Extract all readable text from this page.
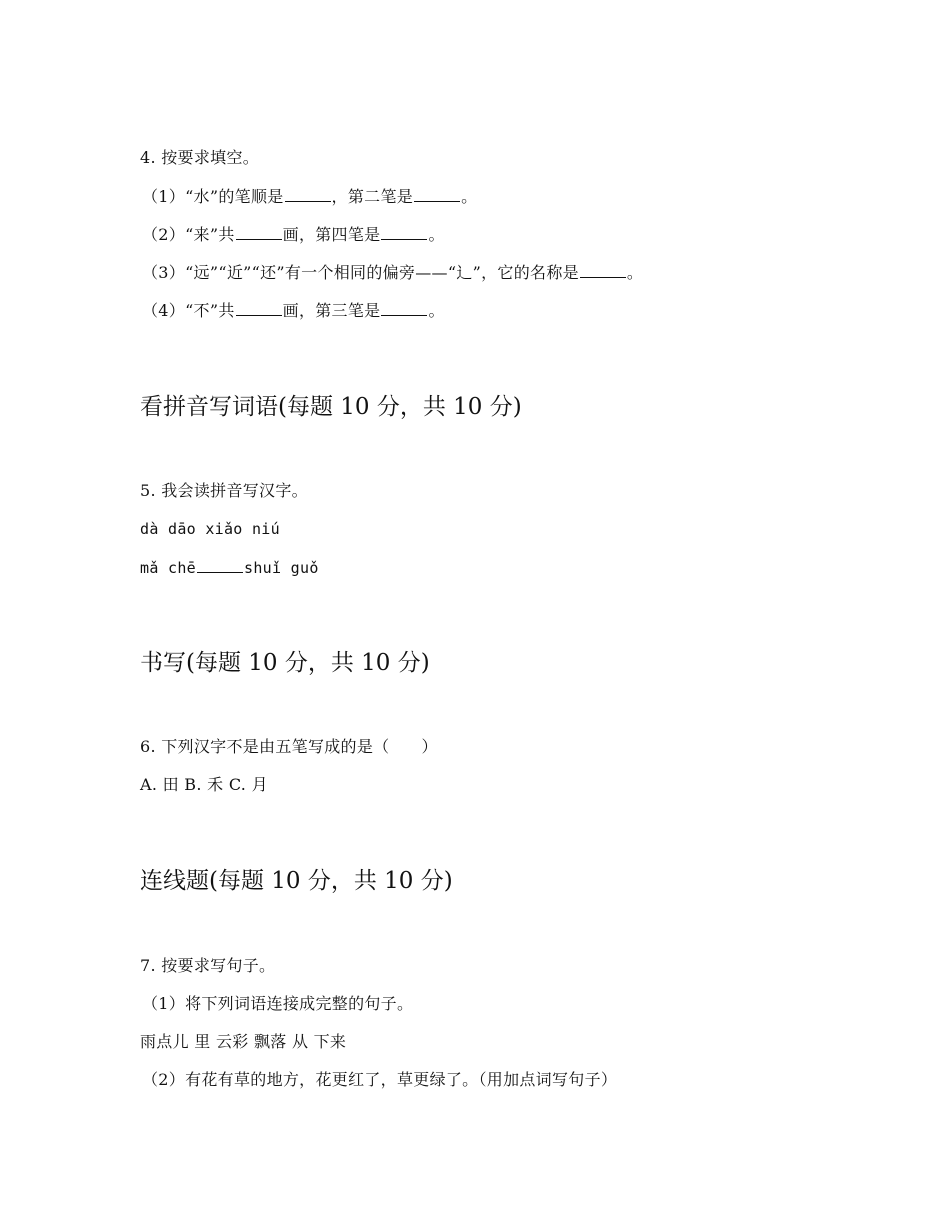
4. 按要求填空。
（1）“水”的笔顺是	，第二笔是	。
（2）“来”共	画，第四笔是	。
（3）“远”“近”“还”有一个相同的偏旁——“辶”，它的名称是	。
（4）“不”共	画，第三笔是	。
看拼音写词语(每题 10 分，共 10 分)
5. 我会读拼音写汉字。
dà dāo xiǎo niú
mǎ chē	shuǐ guǒ
书写(每题 10 分，共 10 分)
6. 下列汉字不是由五笔写成的是（ ）
A. 田 B. 禾 C. 月
连线题(每题 10 分，共 10 分)
7. 按要求写句子。
（1）将下列词语连接成完整的句子。
雨点儿 里 云彩 飘落 从 下来
（2）有花有草的地方，花更红了，草更绿了。（用加点词写句子）
